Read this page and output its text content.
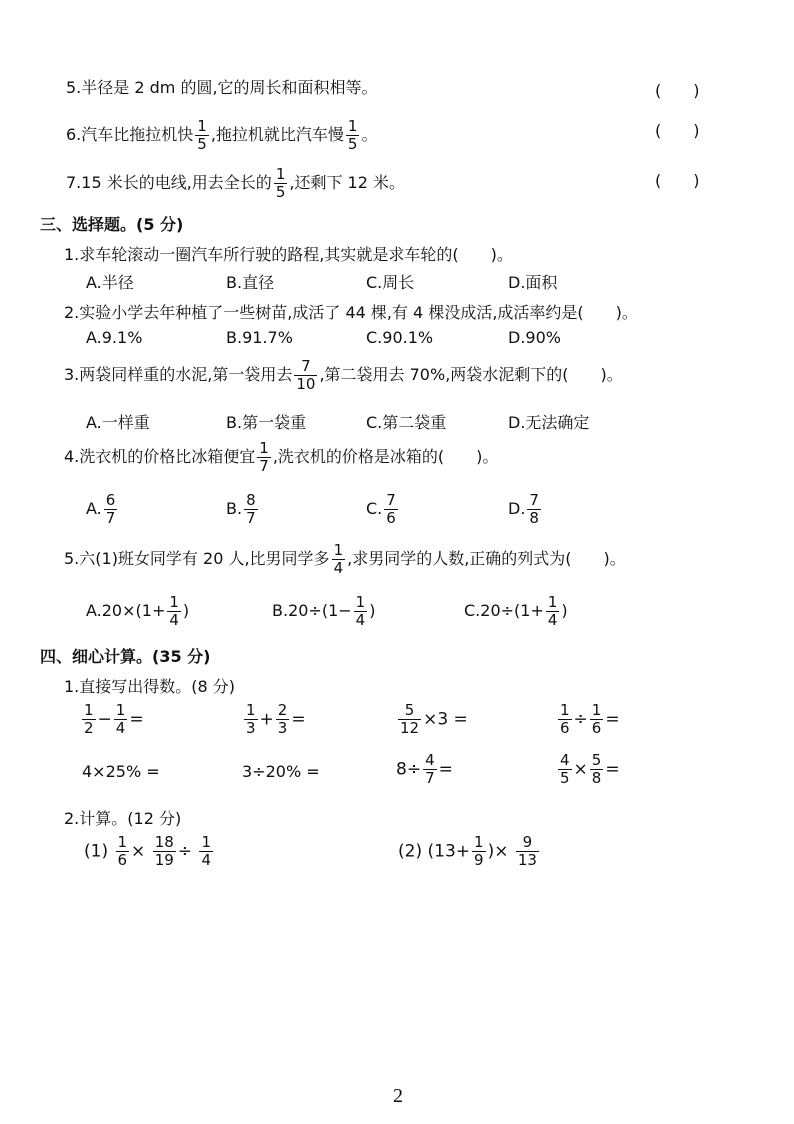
5.半径是 2 dm 的圆,它的周长和面积相等。	(　　)
6.汽车比拖拉机快 $\frac{1}{5}$ ,拖拉机就比汽车慢 $\frac{1}{5}$ 。	(　　)
7.15 米长的电线,用去全长的 $\frac{1}{5}$ ,还剩下 12 米。	(　　)
三、选择题。(5 分)
1.求车轮滚动一圈汽车所行驶的路程,其实就是求车轮的(　　)。
A.半径	B.直径	C.周长	D.面积
2.实验小学去年种植了一些树苗,成活了 44 棵,有 4 棵没成活,成活率约是(　　)。
A.9.1%	B.91.7%	C.90.1%	D.90%
3.两袋同样重的水泥,第一袋用去 $\frac{7}{10}$ ,第二袋用去 70%,两袋水泥剩下的(　　)。
A.一样重	B.第一袋重	C.第二袋重	D.无法确定
4.洗衣机的价格比冰箱便宜 $\frac{1}{7}$ ,洗衣机的价格是冰箱的(　　)。
A. $\frac{6}{7}$	B. $\frac{8}{7}$	C. $\frac{7}{6}$	D. $\frac{7}{8}$
5.六(1)班女同学有 20 人,比男同学多 $\frac{1}{4}$ ,求男同学的人数,正确的列式为(　　)。
$A.20\times(1+ \frac{1}{4}$ )	$B.20\div(1- \frac{1}{4}$ )	$C.20\div(1+ \frac{1}{4}$ )
四、细心计算。(35 分)
1.直接写出得数。(8 分)
$\frac{1}{2} - \frac{1}{4}$ =	$\frac{1}{3} + \frac{2}{3}$ =	$\frac{5}{12} \times 3$ =	$\frac{1}{6} \div \frac{1}{6}$ =
4×25% =	3÷20% =	$8\div \frac{4}{7}$ =	$\frac{4}{5} \times \frac{5}{8}$ =
2.计算。(12 分)
$(1) \frac{1}{6} \times \frac{18}{19} \div \frac{1}{4}$	(2) ($13+ \frac{1}{9}$ )× $\frac{9}{13}$
2
